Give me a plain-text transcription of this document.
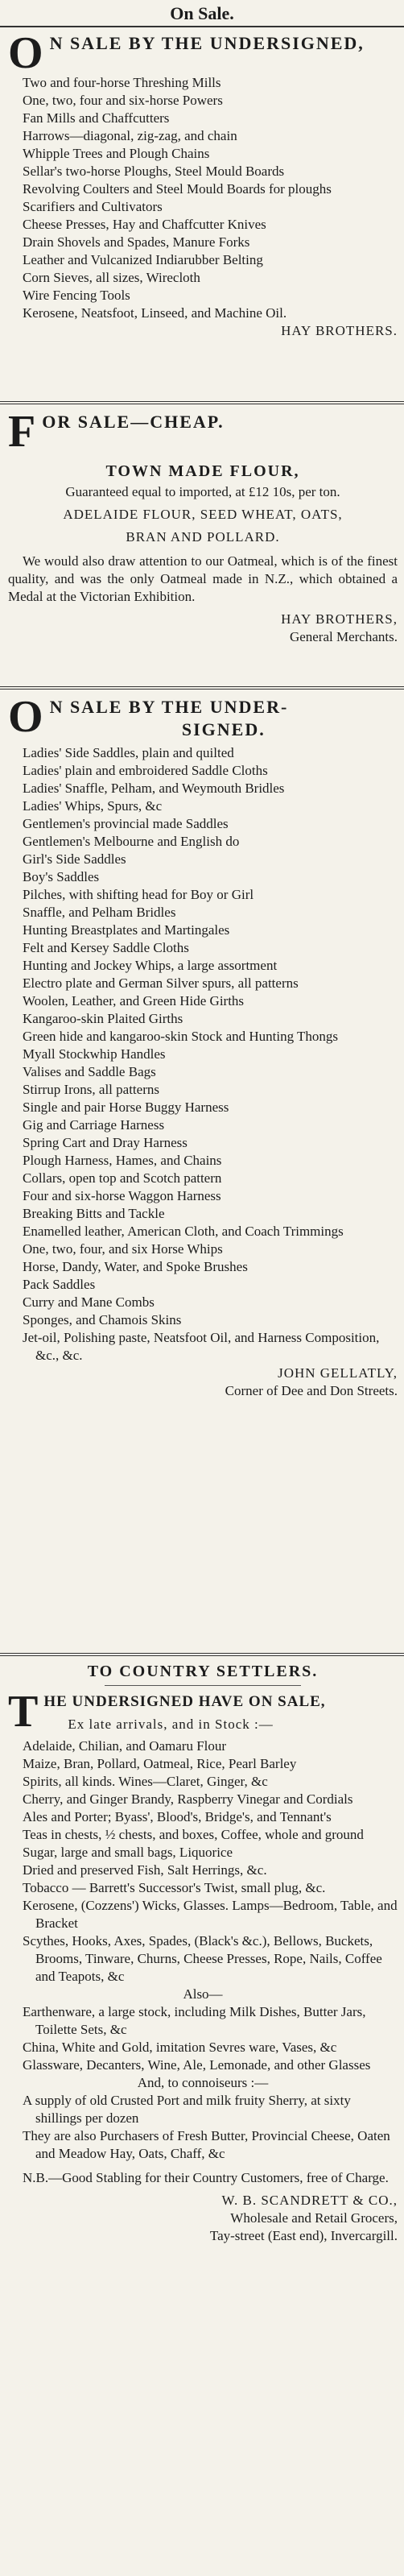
On Sale.
O N SALE BY THE UNDERSIGNED,
Two and four-horse Threshing Mills
One, two, four and six-horse Powers
Fan Mills and Chaffcutters
Harrows—diagonal, zig-zag, and chain
Whipple Trees and Plough Chains
Sellar's two-horse Ploughs, Steel Mould Boards
Revolving Coulters and Steel Mould Boards for ploughs
Scarifiers and Cultivators
Cheese Presses, Hay and Chaffcutter Knives
Drain Shovels and Spades, Manure Forks
Leather and Vulcanized Indiarubber Belting
Corn Sieves, all sizes, Wirecloth
Wire Fencing Tools
Kerosene, Neatsfoot, Linseed, and Machine Oil.
HAY BROTHERS.
F OR SALE—CHEAP.
TOWN MADE FLOUR,
Guaranteed equal to imported, at £12 10s, per ton.
ADELAIDE FLOUR, SEED WHEAT, OATS,
BRAN AND POLLARD.
We would also draw attention to our Oatmeal, which is of the finest quality, and was the only Oatmeal made in N.Z., which obtained a Medal at the Victorian Exhibition.
HAY BROTHERS,
General Merchants.
O N SALE BY THE UNDER-

SIGNED.
Ladies' Side Saddles, plain and quilted
Ladies' plain and embroidered Saddle Cloths
Ladies' Snaffle, Pelham, and Weymouth Bridles
Ladies' Whips, Spurs, &c
Gentlemen's provincial made Saddles
Gentlemen's Melbourne and English do
Girl's Side Saddles
Boy's Saddles
Pilches, with shifting head for Boy or Girl
Snaffle, and Pelham Bridles
Hunting Breastplates and Martingales
Felt and Kersey Saddle Cloths
Hunting and Jockey Whips, a large assortment
Electro plate and German Silver spurs, all patterns
Woolen, Leather, and Green Hide Girths
Kangaroo-skin Plaited Girths
Green hide and kangaroo-skin Stock and Hunting Thongs
Myall Stockwhip Handles
Valises and Saddle Bags
Stirrup Irons, all patterns
Single and pair Horse Buggy Harness
Gig and Carriage Harness
Spring Cart and Dray Harness
Plough Harness, Hames, and Chains
Collars, open top and Scotch pattern
Four and six-horse Waggon Harness
Breaking Bitts and Tackle
Enamelled leather, American Cloth, and Coach Trimmings
One, two, four, and six Horse Whips
Horse, Dandy, Water, and Spoke Brushes
Pack Saddles
Curry and Mane Combs
Sponges, and Chamois Skins
Jet-oil, Polishing paste, Neatsfoot Oil, and Harness Composition, &c., &c.
JOHN GELLATLY,
Corner of Dee and Don Streets.
TO COUNTRY SETTLERS.
T HE UNDERSIGNED HAVE ON SALE,
Ex late arrivals, and in Stock :—
Adelaide, Chilian, and Oamaru Flour
Maize, Bran, Pollard, Oatmeal, Rice, Pearl Barley
Spirits, all kinds. Wines—Claret, Ginger, &c
Cherry, and Ginger Brandy, Raspberry Vinegar and Cordials
Ales and Porter; Byass', Blood's, Bridge's, and Tennant's
Teas in chests, ½ chests, and boxes, Coffee, whole and ground
Sugar, large and small bags, Liquorice
Dried and preserved Fish, Salt Herrings, &c.
Tobacco — Barrett's Successor's Twist, small plug, &c.
Kerosene, (Cozzens') Wicks, Glasses. Lamps—Bedroom, Table, and Bracket
Scythes, Hooks, Axes, Spades, (Black's &c.), Bellows, Buckets, Brooms, Tinware, Churns, Cheese Presses, Rope, Nails, Coffee and Teapots, &c
Also—
Earthenware, a large stock, including Milk Dishes, Butter Jars, Toilette Sets, &c
China, White and Gold, imitation Sevres ware, Vases, &c
Glassware, Decanters, Wine, Ale, Lemonade, and other Glasses
And, to connoiseurs :—
A supply of old Crusted Port and milk fruity Sherry, at sixty shillings per dozen
They are also Purchasers of Fresh Butter, Provincial Cheese, Oaten and Meadow Hay, Oats, Chaff, &c
N.B.—Good Stabling for their Country Customers, free of Charge.
W. B. SCANDRETT & CO.,
Wholesale and Retail Grocers,
Tay-street (East end), Invercargill.
